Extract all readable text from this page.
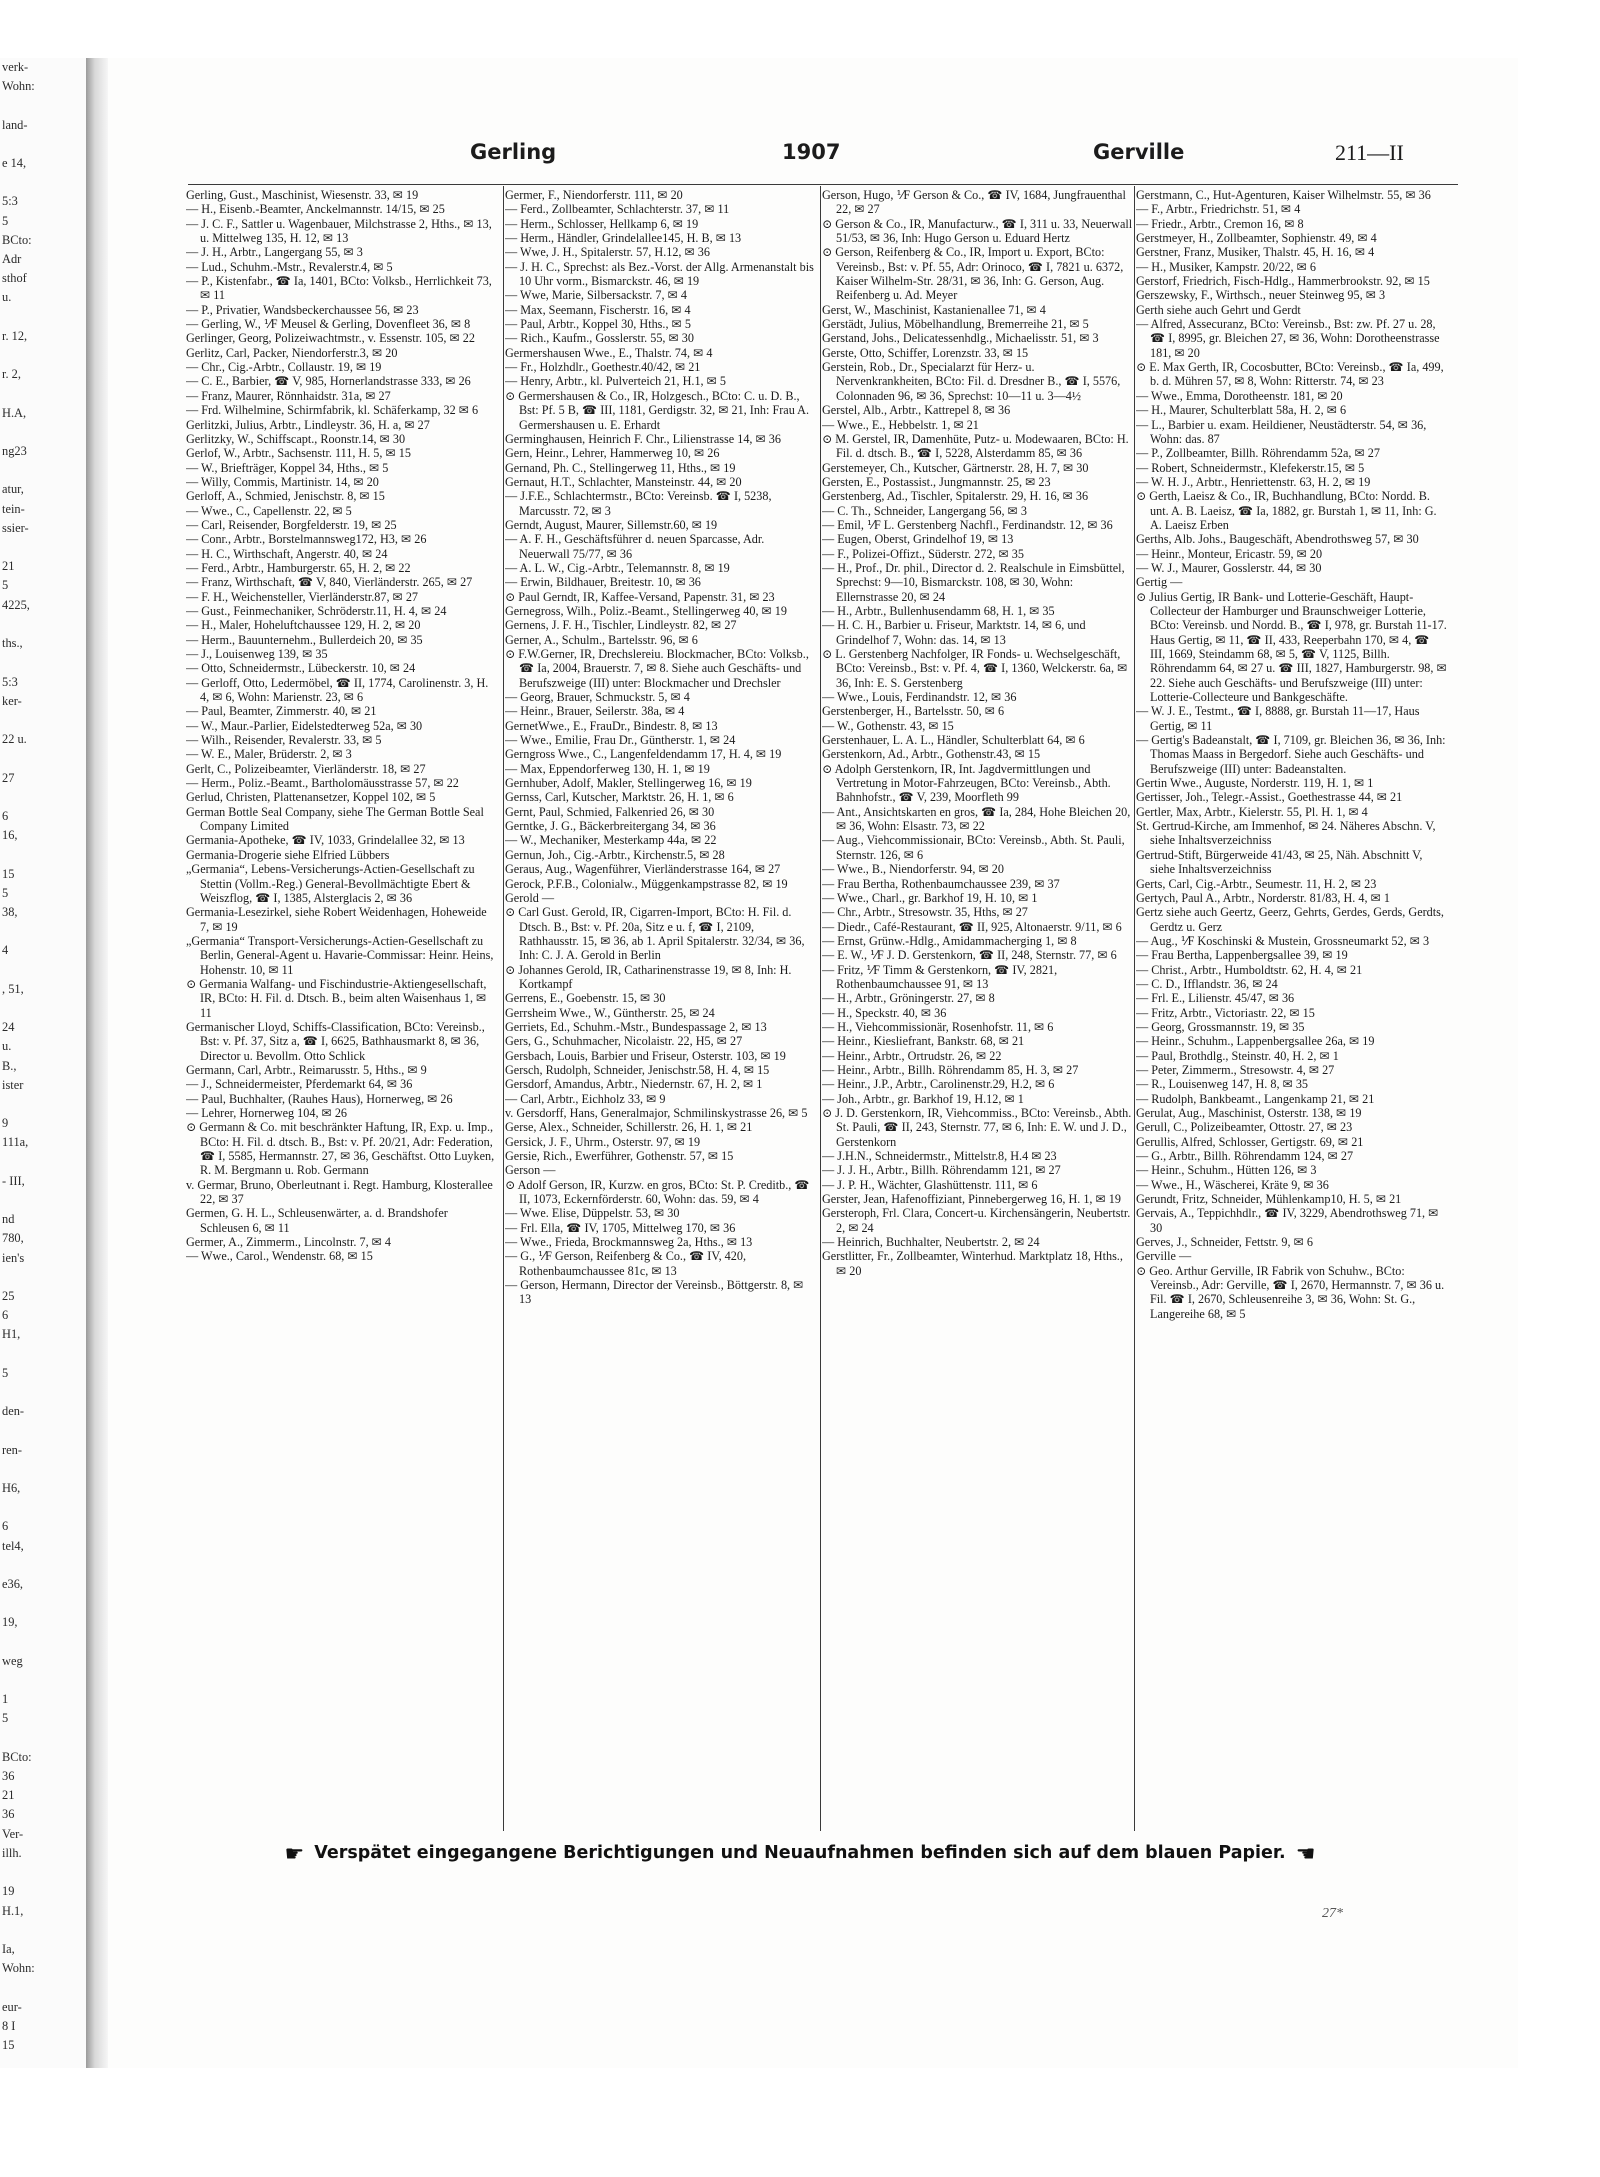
verk-
Wohn:

land-

e 14,

5:3
5
BCto:
Adr
sthof
u.

r. 12,

r. 2,

H.A,

ng23

atur,
tein-
ssier-

21
5
4225,

ths.,

5:3
ker-

22 u.

27

6
16,

15
5
38,

4

, 51,

24
u.
B.,
ister

9
111a,

- III,

nd
780,
ien's

25
6
H1,

5

den-

ren-

H6,

6
tel4,

e36,

19,

weg

1
5

BCto:
36
21
36
Ver-
illh.

19
H.1,

Ia,
Wohn:

eur-
8 I
15
Gerling	1907	Gerville	211—II
Gerling, Gust., Maschinist, Wiesenstr. 33, ✉ 19
— H., Eisenb.-Beamter, Anckelmannstr. 14/15, ✉ 25
— J. C. F., Sattler u. Wagenbauer, Milchstrasse 2, Hths., ✉ 13, u. Mittelweg 135, H. 12, ✉ 13
— J. H., Arbtr., Langergang 55, ✉ 3
— Lud., Schuhm.-Mstr., Revalerstr.4, ✉ 5
— P., Kistenfabr., ☎ Ia, 1401, BCto: Volksb., Herrlichkeit 73, ✉ 11
— P., Privatier, Wandsbeckerchaussee 56, ✉ 23
— Gerling, W., ⅟F Meusel & Gerling, Dovenfleet 36, ✉ 8
Gerlinger, Georg, Polizeiwachtmstr., v. Essenstr. 105, ✉ 22
Gerlitz, Carl, Packer, Niendorferstr.3, ✉ 20
— Chr., Cig.-Arbtr., Collaustr. 19, ✉ 19
— C. E., Barbier, ☎ V, 985, Hornerlandstrasse 333, ✉ 26
— Franz, Maurer, Rönnhaidstr. 31a, ✉ 27
— Frd. Wilhelmine, Schirmfabrik, kl. Schäferkamp, 32 ✉ 6
Gerlitzki, Julius, Arbtr., Lindleystr. 36, H. a, ✉ 27
Gerlitzky, W., Schiffscapt., Roonstr.14, ✉ 30
Gerlof, W., Arbtr., Sachsenstr. 111, H. 5, ✉ 15
— W., Briefträger, Koppel 34, Hths., ✉ 5
— Willy, Commis, Martinistr. 14, ✉ 20
Gerloff, A., Schmied, Jenischstr. 8, ✉ 15
— Wwe., C., Capellenstr. 22, ✉ 5
— Carl, Reisender, Borgfelderstr. 19, ✉ 25
— Conr., Arbtr., Borstelmannsweg172, H3, ✉ 26
— H. C., Wirthschaft, Angerstr. 40, ✉ 24
— Ferd., Arbtr., Hamburgerstr. 65, H. 2, ✉ 22
— Franz, Wirthschaft, ☎ V, 840, Vierländerstr. 265, ✉ 27
— F. H., Weichensteller, Vierländerstr.87, ✉ 27
— Gust., Feinmechaniker, Schröderstr.11, H. 4, ✉ 24
— H., Maler, Hoheluftchaussee 129, H. 2, ✉ 20
— Herm., Bauunternehm., Bullerdeich 20, ✉ 35
— J., Louisenweg 139, ✉ 35
— Otto, Schneidermstr., Lübeckerstr. 10, ✉ 24
— Gerloff, Otto, Ledermöbel, ☎ II, 1774, Carolinenstr. 3, H. 4, ✉ 6, Wohn: Marienstr. 23, ✉ 6
— Paul, Beamter, Zimmerstr. 40, ✉ 21
— W., Maur.-Parlier, Eidelstedterweg 52a, ✉ 30
— Wilh., Reisender, Revalerstr. 33, ✉ 5
— W. E., Maler, Brüderstr. 2, ✉ 3
Gerlt, C., Polizeibeamter, Vierländerstr. 18, ✉ 27
— Herm., Poliz.-Beamt., Bartholomäusstrasse 57, ✉ 22
Gerlud, Christen, Plattenansetzer, Koppel 102, ✉ 5
German Bottle Seal Company, siehe The German Bottle Seal Company Limited
Germania-Apotheke, ☎ IV, 1033, Grindelallee 32, ✉ 13
Germania-Drogerie siehe Elfried Lübbers
„Germania“, Lebens-Versicherungs-Actien-Gesellschaft zu Stettin (Vollm.-Reg.) General-Bevollmächtigte Ebert & Weiszflog, ☎ I, 1385, Alsterglacis 2, ✉ 36
Germania-Lesezirkel, siehe Robert Weidenhagen, Hoheweide 7, ✉ 19
„Germania“ Transport-Versicherungs-Actien-Gesellschaft zu Berlin, General-Agent u. Havarie-Commissar: Heinr. Heins, Hohenstr. 10, ✉ 11
⊙ Germania Walfang- und Fischindustrie-Aktiengesellschaft, IR, BCto: H. Fil. d. Dtsch. B., beim alten Waisenhaus 1, ✉ 11
Germanischer Lloyd, Schiffs-Classification, BCto: Vereinsb., Bst: v. Pf. 37, Sitz a, ☎ I, 6625, Bathhausmarkt 8, ✉ 36, Director u. Bevollm. Otto Schlick
Germann, Carl, Arbtr., Reimarusstr. 5, Hths., ✉ 9
— J., Schneidermeister, Pferdemarkt 64, ✉ 36
— Paul, Buchhalter, (Rauhes Haus), Hornerweg, ✉ 26
— Lehrer, Hornerweg 104, ✉ 26
⊙ Germann & Co. mit beschränkter Haftung, IR, Exp. u. Imp., BCto: H. Fil. d. dtsch. B., Bst: v. Pf. 20/21, Adr: Federation, ☎ I, 5585, Hermannstr. 27, ✉ 36, Geschäftst. Otto Luyken, R. M. Bergmann u. Rob. Germann
v. Germar, Bruno, Oberleutnant i. Regt. Hamburg, Klosterallee 22, ✉ 37
Germen, G. H. L., Schleusenwärter, a. d. Brandshofer Schleusen 6, ✉ 11
Germer, A., Zimmerm., Lincolnstr. 7, ✉ 4
— Wwe., Carol., Wendenstr. 68, ✉ 15
Germer, F., Niendorferstr. 111, ✉ 20
— Ferd., Zollbeamter, Schlachterstr. 37, ✉ 11
— Herm., Schlosser, Hellkamp 6, ✉ 19
— Herm., Händler, Grindelallee145, H. B, ✉ 13
— Wwe, J. H., Spitalerstr. 57, H.12, ✉ 36
— J. H. C., Sprechst: als Bez.-Vorst. der Allg. Armenanstalt bis 10 Uhr vorm., Bismarckstr. 46, ✉ 19
— Wwe, Marie, Silbersackstr. 7, ✉ 4
— Max, Seemann, Fischerstr. 16, ✉ 4
— Paul, Arbtr., Koppel 30, Hths., ✉ 5
— Rich., Kaufm., Gosslerstr. 55, ✉ 30
Germershausen Wwe., E., Thalstr. 74, ✉ 4
— Fr., Holzhdlr., Goethestr.40/42, ✉ 21
— Henry, Arbtr., kl. Pulverteich 21, H.1, ✉ 5
⊙ Germershausen & Co., IR, Holzgesch., BCto: C. u. D. B., Bst: Pf. 5 B, ☎ III, 1181, Gerdigstr. 32, ✉ 21, Inh: Frau A. Germershausen u. E. Erhardt
Germinghausen, Heinrich F. Chr., Lilienstrasse 14, ✉ 36
Gern, Heinr., Lehrer, Hammerweg 10, ✉ 26
Gernand, Ph. C., Stellingerweg 11, Hths., ✉ 19
Gernaut, H.T., Schlachter, Mansteinstr. 44, ✉ 20
— J.F.E., Schlachtermstr., BCto: Vereinsb. ☎ I, 5238, Marcusstr. 72, ✉ 3
Gerndt, August, Maurer, Sillemstr.60, ✉ 19
— A. F. H., Geschäftsführer d. neuen Sparcasse, Adr. Neuerwall 75/77, ✉ 36
— A. L. W., Cig.-Arbtr., Telemannstr. 8, ✉ 19
— Erwin, Bildhauer, Breitestr. 10, ✉ 36
⊙ Paul Gerndt, IR, Kaffee-Versand, Papenstr. 31, ✉ 23
Gernegross, Wilh., Poliz.-Beamt., Stellingerweg 40, ✉ 19
Gernens, J. F. H., Tischler, Lindleystr. 82, ✉ 27
Gerner, A., Schulm., Bartelsstr. 96, ✉ 6
⊙ F.W.Gerner, IR, Drechslereiu. Blockmacher, BCto: Volksb., ☎ Ia, 2004, Brauerstr. 7, ✉ 8. Siehe auch Geschäfts- und Berufszweige (III) unter: Blockmacher und Drechsler
— Georg, Brauer, Schmuckstr. 5, ✉ 4
— Heinr., Brauer, Seilerstr. 38a, ✉ 4
GernetWwe., E., FrauDr., Bindestr. 8, ✉ 13
— Wwe., Emilie, Frau Dr., Güntherstr. 1, ✉ 24
Gerngross Wwe., C., Langenfeldendamm 17, H. 4, ✉ 19
— Max, Eppendorferweg 130, H. 1, ✉ 19
Gernhuber, Adolf, Makler, Stellingerweg 16, ✉ 19
Gernss, Carl, Kutscher, Marktstr. 26, H. 1, ✉ 6
Gernt, Paul, Schmied, Falkenried 26, ✉ 30
Gerntke, J. G., Bäckerbreitergang 34, ✉ 36
— W., Mechaniker, Mesterkamp 44a, ✉ 22
Gernun, Joh., Cig.-Arbtr., Kirchenstr.5, ✉ 28
Geraus, Aug., Wagenführer, Vierländerstrasse 164, ✉ 27
Gerock, P.F.B., Colonialw., Müggenkampstrasse 82, ✉ 19
Gerold —
⊙ Carl Gust. Gerold, IR, Cigarren-Import, BCto: H. Fil. d. Dtsch. B., Bst: v. Pf. 20a, Sitz e u. f, ☎ I, 2109, Rathhausstr. 15, ✉ 36, ab 1. April Spitalerstr. 32/34, ✉ 36, Inh: C. J. A. Gerold in Berlin
⊙ Johannes Gerold, IR, Catharinenstrasse 19, ✉ 8, Inh: H. Kortkampf
Gerrens, E., Goebenstr. 15, ✉ 30
Gerrsheim Wwe., W., Güntherstr. 25, ✉ 24
Gerriets, Ed., Schuhm.-Mstr., Bundespassage 2, ✉ 13
Gers, G., Schuhmacher, Nicolaistr. 22, H5, ✉ 27
Gersbach, Louis, Barbier und Friseur, Osterstr. 103, ✉ 19
Gersch, Rudolph, Schneider, Jenischstr.58, H. 4, ✉ 15
Gersdorf, Amandus, Arbtr., Niedernstr. 67, H. 2, ✉ 1
— Carl, Arbtr., Eichholz 33, ✉ 9
v. Gersdorff, Hans, Generalmajor, Schmilinskystrasse 26, ✉ 5
Gerse, Alex., Schneider, Schillerstr. 26, H. 1, ✉ 21
Gersick, J. F., Uhrm., Osterstr. 97, ✉ 19
Gersie, Rich., Ewerführer, Gothenstr. 57, ✉ 15
Gerson —
⊙ Adolf Gerson, IR, Kurzw. en gros, BCto: St. P. Creditb., ☎ II, 1073, Eckernförderstr. 60, Wohn: das. 59, ✉ 4
— Wwe. Elise, Düppelstr. 53, ✉ 30
— Frl. Ella, ☎ IV, 1705, Mittelweg 170, ✉ 36
— Wwe., Frieda, Brockmannsweg 2a, Hths., ✉ 13
— G., ⅟F Gerson, Reifenberg & Co., ☎ IV, 420, Rothenbaumchaussee 81c, ✉ 13
— Gerson, Hermann, Director der Vereinsb., Böttgerstr. 8, ✉ 13
Gerson, Hugo, ⅟F Gerson & Co., ☎ IV, 1684, Jungfrauenthal 22, ✉ 27
⊙ Gerson & Co., IR, Manufacturw., ☎ I, 311 u. 33, Neuerwall 51/53, ✉ 36, Inh: Hugo Gerson u. Eduard Hertz
⊙ Gerson, Reifenberg & Co., IR, Import u. Export, BCto: Vereinsb., Bst: v. Pf. 55, Adr: Orinoco, ☎ I, 7821 u. 6372, Kaiser Wilhelm-Str. 28/31, ✉ 36, Inh: G. Gerson, Aug. Reifenberg u. Ad. Meyer
Gerst, W., Maschinist, Kastanienallee 71, ✉ 4
Gerstädt, Julius, Möbelhandlung, Bremerreihe 21, ✉ 5
Gerstand, Johs., Delicatessenhdlg., Michaelisstr. 51, ✉ 3
Gerste, Otto, Schiffer, Lorenzstr. 33, ✉ 15
Gerstein, Rob., Dr., Specialarzt für Herz- u. Nervenkrankheiten, BCto: Fil. d. Dresdner B., ☎ I, 5576, Colonnaden 96, ✉ 36, Sprechst: 10—11 u. 3—4½
Gerstel, Alb., Arbtr., Kattrepel 8, ✉ 36
— Wwe., E., Hebbelstr. 1, ✉ 21
⊙ M. Gerstel, IR, Damenhüte, Putz- u. Modewaaren, BCto: H. Fil. d. dtsch. B., ☎ I, 5228, Alsterdamm 85, ✉ 36
Gerstemeyer, Ch., Kutscher, Gärtnerstr. 28, H. 7, ✉ 30
Gersten, E., Postassist., Jungmannstr. 25, ✉ 23
Gerstenberg, Ad., Tischler, Spitalerstr. 29, H. 16, ✉ 36
— C. Th., Schneider, Langergang 56, ✉ 3
— Emil, ⅟F L. Gerstenberg Nachfl., Ferdinandstr. 12, ✉ 36
— Eugen, Oberst, Grindelhof 19, ✉ 13
— F., Polizei-Offizt., Süderstr. 272, ✉ 35
— H., Prof., Dr. phil., Director d. 2. Realschule in Eimsbüttel, Sprechst: 9—10, Bismarckstr. 108, ✉ 30, Wohn: Ellernstrasse 20, ✉ 24
— H., Arbtr., Bullenhusendamm 68, H. 1, ✉ 35
— H. C. H., Barbier u. Friseur, Marktstr. 14, ✉ 6, und Grindelhof 7, Wohn: das. 14, ✉ 13
⊙ L. Gerstenberg Nachfolger, IR Fonds- u. Wechselgeschäft, BCto: Vereinsb., Bst: v. Pf. 4, ☎ I, 1360, Welckerstr. 6a, ✉ 36, Inh: E. S. Gerstenberg
— Wwe., Louis, Ferdinandstr. 12, ✉ 36
Gerstenberger, H., Bartelsstr. 50, ✉ 6
— W., Gothenstr. 43, ✉ 15
Gerstenhauer, L. A. L., Händler, Schulterblatt 64, ✉ 6
Gerstenkorn, Ad., Arbtr., Gothenstr.43, ✉ 15
⊙ Adolph Gerstenkorn, IR, Int. Jagdvermittlungen und Vertretung in Motor-Fahrzeugen, BCto: Vereinsb., Abth. Bahnhofstr., ☎ V, 239, Moorfleth 99
— Ant., Ansichtskarten en gros, ☎ Ia, 284, Hohe Bleichen 20, ✉ 36, Wohn: Elsastr. 73, ✉ 22
— Aug., Viehcommissionair, BCto: Vereinsb., Abth. St. Pauli, Sternstr. 126, ✉ 6
— Wwe., B., Niendorferstr. 94, ✉ 20
— Frau Bertha, Rothenbaumchaussee 239, ✉ 37
— Wwe., Charl., gr. Barkhof 19, H. 10, ✉ 1
— Chr., Arbtr., Stresowstr. 35, Hths, ✉ 27
— Diedr., Café-Restaurant, ☎ II, 925, Altonaerstr. 9/11, ✉ 6
— Ernst, Grünw.-Hdlg., Amidammacherging 1, ✉ 8
— E. W., ⅟F J. D. Gerstenkorn, ☎ II, 248, Sternstr. 77, ✉ 6
— Fritz, ⅟F Timm & Gerstenkorn, ☎ IV, 2821, Rothenbaumchaussee 91, ✉ 13
— H., Arbtr., Gröningerstr. 27, ✉ 8
— H., Speckstr. 40, ✉ 36
— H., Viehcommissionär, Rosenhofstr. 11, ✉ 6
— Heinr., Kiesliefrant, Bankstr. 68, ✉ 21
— Heinr., Arbtr., Ortrudstr. 26, ✉ 22
— Heinr., Arbtr., Billh. Röhrendamm 85, H. 3, ✉ 27
— Heinr., J.P., Arbtr., Carolinenstr.29, H.2, ✉ 6
— Joh., Arbtr., gr. Barkhof 19, H.12, ✉ 1
⊙ J. D. Gerstenkorn, IR, Viehcommiss., BCto: Vereinsb., Abth. St. Pauli, ☎ II, 243, Sternstr. 77, ✉ 6, Inh: E. W. und J. D., Gerstenkorn
— J.H.N., Schneidermstr., Mittelstr.8, H.4 ✉ 23
— J. J. H., Arbtr., Billh. Röhrendamm 121, ✉ 27
— J. P. H., Wächter, Glashüttenstr. 111, ✉ 6
Gerster, Jean, Hafenoffiziant, Pinnebergerweg 16, H. 1, ✉ 19
Gersteroph, Frl. Clara, Concert-u. Kirchensängerin, Neubertstr. 2, ✉ 24
— Heinrich, Buchhalter, Neubertstr. 2, ✉ 24
Gerstlitter, Fr., Zollbeamter, Winterhud. Marktplatz 18, Hths., ✉ 20
Gerstmann, C., Hut-Agenturen, Kaiser Wilhelmstr. 55, ✉ 36
— F., Arbtr., Friedrichstr. 51, ✉ 4
— Friedr., Arbtr., Cremon 16, ✉ 8
Gerstmeyer, H., Zollbeamter, Sophienstr. 49, ✉ 4
Gerstner, Franz, Musiker, Thalstr. 45, H. 16, ✉ 4
— H., Musiker, Kampstr. 20/22, ✉ 6
Gerstorf, Friedrich, Fisch-Hdlg., Hammerbrookstr. 92, ✉ 15
Gerszewsky, F., Wirthsch., neuer Steinweg 95, ✉ 3
Gerth siehe auch Gehrt und Gerdt
— Alfred, Assecuranz, BCto: Vereinsb., Bst: zw. Pf. 27 u. 28, ☎ I, 8995, gr. Bleichen 27, ✉ 36, Wohn: Dorotheenstrasse 181, ✉ 20
⊙ E. Max Gerth, IR, Cocosbutter, BCto: Vereinsb., ☎ Ia, 499, b. d. Mühren 57, ✉ 8, Wohn: Ritterstr. 74, ✉ 23
— Wwe., Emma, Dorotheenstr. 181, ✉ 20
— H., Maurer, Schulterblatt 58a, H. 2, ✉ 6
— L., Barbier u. exam. Heildiener, Neustädterstr. 54, ✉ 36, Wohn: das. 87
— P., Zollbeamter, Billh. Röhrendamm 52a, ✉ 27
— Robert, Schneidermstr., Klefekerstr.15, ✉ 5
— W. H. J., Arbtr., Henriettenstr. 63, H. 2, ✉ 19
⊙ Gerth, Laeisz & Co., IR, Buchhandlung, BCto: Nordd. B. unt. A. B. Laeisz, ☎ Ia, 1882, gr. Burstah 1, ✉ 11, Inh: G. A. Laeisz Erben
Gerths, Alb. Johs., Baugeschäft, Abendrothsweg 57, ✉ 30
— Heinr., Monteur, Ericastr. 59, ✉ 20
— W. J., Maurer, Gosslerstr. 44, ✉ 30
Gertig —
⊙ Julius Gertig, IR Bank- und Lotterie-Geschäft, Haupt-Collecteur der Hamburger und Braunschweiger Lotterie, BCto: Vereinsb. und Nordd. B., ☎ I, 978, gr. Burstah 11-17. Haus Gertig, ✉ 11, ☎ II, 433, Reeperbahn 170, ✉ 4, ☎ III, 1669, Steindamm 68, ✉ 5, ☎ V, 1125, Billh. Röhrendamm 64, ✉ 27 u. ☎ III, 1827, Hamburgerstr. 98, ✉ 22. Siehe auch Geschäfts- und Berufszweige (III) unter: Lotterie-Collecteure und Bankgeschäfte.
— W. J. E., Testmt., ☎ I, 8888, gr. Burstah 11—17, Haus Gertig, ✉ 11
— Gertig's Badeanstalt, ☎ I, 7109, gr. Bleichen 36, ✉ 36, Inh: Thomas Maass in Bergedorf. Siehe auch Geschäfts- und Berufszweige (III) unter: Badeanstalten.
Gertin Wwe., Auguste, Norderstr. 119, H. 1, ✉ 1
Gertisser, Joh., Telegr.-Assist., Goethestrasse 44, ✉ 21
Gertler, Max, Arbtr., Kielerstr. 55, Pl. H. 1, ✉ 4
St. Gertrud-Kirche, am Immenhof, ✉ 24. Näheres Abschn. V, siehe Inhaltsverzeichniss
Gertrud-Stift, Bürgerweide 41/43, ✉ 25, Näh. Abschnitt V, siehe Inhaltsverzeichniss
Gerts, Carl, Cig.-Arbtr., Seumestr. 11, H. 2, ✉ 23
Gertych, Paul A., Arbtr., Norderstr. 81/83, H. 4, ✉ 1
Gertz siehe auch Geertz, Geerz, Gehrts, Gerdes, Gerds, Gerdts, Gerdtz u. Gerz
— Aug., ⅟F Koschinski & Mustein, Grossneumarkt 52, ✉ 3
— Frau Bertha, Lappenbergsallee 39, ✉ 19
— Christ., Arbtr., Humboldtstr. 62, H. 4, ✉ 21
— C. D., Ifflandstr. 36, ✉ 24
— Frl. E., Lilienstr. 45/47, ✉ 36
— Fritz, Arbtr., Victoriastr. 22, ✉ 15
— Georg, Grossmannstr. 19, ✉ 35
— Heinr., Schuhm., Lappenbergsallee 26a, ✉ 19
— Paul, Brothdlg., Steinstr. 40, H. 2, ✉ 1
— Peter, Zimmerm., Stresowstr. 4, ✉ 27
— R., Louisenweg 147, H. 8, ✉ 35
— Rudolph, Bankbeamt., Langenkamp 21, ✉ 21
Gerulat, Aug., Maschinist, Osterstr. 138, ✉ 19
Gerull, C., Polizeibeamter, Ottostr. 27, ✉ 23
Gerullis, Alfred, Schlosser, Gertigstr. 69, ✉ 21
— G., Arbtr., Billh. Röhrendamm 124, ✉ 27
— Heinr., Schuhm., Hütten 126, ✉ 3
— Wwe., H., Wäscherei, Kräte 9, ✉ 36
Gerundt, Fritz, Schneider, Mühlenkamp10, H. 5, ✉ 21
Gervais, A., Teppichhdlr., ☎ IV, 3229, Abendrothsweg 71, ✉ 30
Gerves, J., Schneider, Fettstr. 9, ✉ 6
Gerville —
⊙ Geo. Arthur Gerville, IR Fabrik von Schuhw., BCto: Vereinsb., Adr: Gerville, ☎ I, 2670, Hermannstr. 7, ✉ 36 u. Fil. ☎ I, 2670, Schleusenreihe 3, ✉ 36, Wohn: St. G., Langereihe 68, ✉ 5
☛ Verspätet eingegangene Berichtigungen und Neuaufnahmen befinden sich auf dem blauen Papier. ☚
27*
